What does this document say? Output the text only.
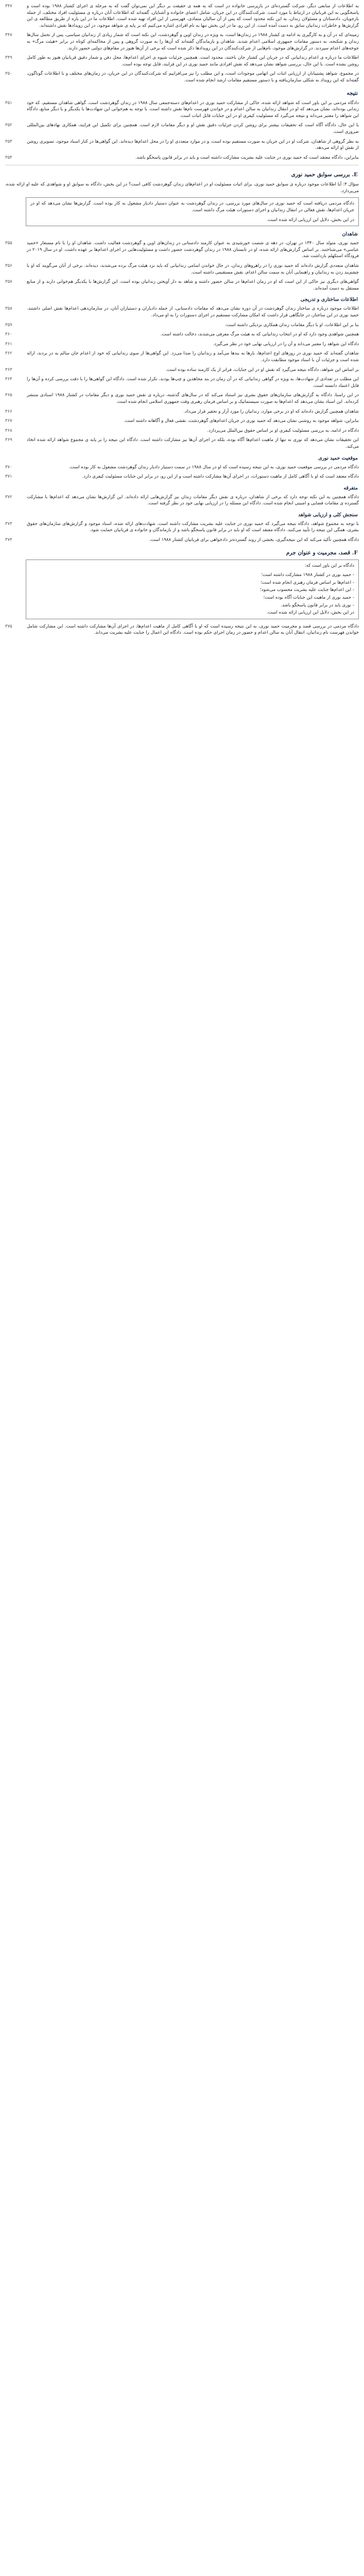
به اطلاعات از منابعی دیگر، شرکت گسترده‌ای در بازپرسی خانواده در است که به همه ی حقیقت بر دیگر این نمی‌توان گفت که به مرحله ی اجرای کشتار ۱۹۸۸ بوده است و پاسخگویی به این قربانیان در ارتباط با مورد است. شرکت‌کنندگان در این جریان، شامل اعضای خانواده و آشنایان، گفته‌اند که اطلاعات آنان درباره ی مسئولیت افراد مختلف، از جمله بازجویان، دادستانان و مسئولان زندان، به این نکته محدود است که پس از آن سالیان متمادی، فهرستی از این افراد تهیه شده است. اطلاعات ما در این باره از طریق مطالعه ی این گزارش‌ها و خاطرات زندانیان سابق به دست آمده است. از این رو، ما در این بخش تنها به نام افرادی اشاره می‌کنیم که بر پایه ی شواهد موجود، در این رویدادها نقش داشته‌اند.
۳۴۷
زمینه‌ای که در آن و به کارگیری به ادامه ی کشتار ۱۹۸۸ در زندان‌ها است، به ویژه در زندان اوین و گوهردشت، این نکته است که شمار زیادی از زندانیان سیاسی، پس از تحمل سال‌ها زندان و شکنجه، به دستور مقامات جمهوری اسلامی اعدام شدند. شاهدان و بازماندگان گفته‌اند که آن‌ها را به صورت گروهی و پس از محاکمه‌ای کوتاه در برابر «هیئت مرگ» به جوخه‌های اعدام سپردند. در گزارش‌های موجود، نام‌هایی از شرکت‌کنندگان در این رویدادها ذکر شده است که برخی از آن‌ها هنوز در مقام‌های دولتی حضور دارند.
۳۴۸
اطلاعات ما درباره ی اعدام زندانیانی که در جریان این کشتار جان باختند، محدود است. همچنین جزئیات شیوه ی اجرای اعدام‌ها، محل دفن و شمار دقیق قربانیان هنوز به طور کامل روشن نشده است. با این حال، بررسی شواهد نشان می‌دهد که نقش افرادی مانند حمید نوری در این فرایند، قابل توجه بوده است.
۳۴۹
در مجموع، شواهد پشتیبانان از ارزیابی اثبات این اتهامی موجودات است، و این مطلب را نیز می‌افزاییم که شرکت‌کنندگان در این جریان، در زمان‌های مختلف و با اطلاعات گوناگون، گفته‌اند که این رویداد به شکلی سازمان‌یافته و با دستور مستقیم مقامات ارشد انجام شده است.
۳۵۰
نتیجه
دادگاه مردمی بر این باور است که شواهد ارائه شده، حاکی از مشارکت حمید نوری در اعدام‌های دسته‌جمعی سال ۱۹۸۸ در زندان گوهردشت است. گواهی شاهدان مستقیم، که خود زندانی بوده‌اند، نشان می‌دهد که او در انتقال زندانیان به سالن اعدام و در خواندن فهرست نام‌ها نقش داشته است. با توجه به هم‌خوانی این شهادت‌ها با یکدیگر و با دیگر منابع، دادگاه این شواهد را معتبر می‌داند و نتیجه می‌گیرد که مسئولیت کیفری او در این جنایات قابل اثبات است.
۳۵۱
با این حال، دادگاه آگاه است که تحقیقات بیشتر برای روشن کردن جزئیات دقیق نقش او و دیگر مقامات لازم است. همچنین برای تکمیل این فرایند، همکاری نهادهای بین‌المللی ضروری است.
۳۵۲
به نظر گروهی از شاهدان، شرکت او در این جریان به صورت مستقیم بوده است، و در موارد متعددی او را در محل اعدام‌ها دیده‌اند. این گواهی‌ها در کنار اسناد موجود، تصویری روشن از نقش او ارائه می‌دهد.
۳۵۳
بنابراین، دادگاه معتقد است که حمید نوری در جنایت علیه بشریت مشارکت داشته است و باید در برابر قانون پاسخگو باشد.
۳۵۴
E. بررسی سوابق حمید نوری
سؤال ۳: آیا اطلاعات موجود درباره ی سوابق حمید نوری، برای اثبات مسئولیت او در اعدام‌های زندان گوهردشت کافی است؟ در این بخش، دادگاه به سوابق او و شواهدی که علیه او ارائه شده، می‌پردازد.

دادگاه مردمی دریافته است که حمید نوری در سال‌های مورد بررسی، در زندان گوهردشت به عنوان دستیار دادیار مشغول به کار بوده است. گزارش‌ها نشان می‌دهد که او در جریان اعدام‌ها، نقش فعالی در انتقال زندانیان و اجرای دستورات هیئت مرگ داشته است.

در این بخش، دلایل این ارزیابی ارائه شده است.

شاهدان
حمید نوری، متولد سال ۱۳۴۰ در تهران، در دهه ی شصت خورشیدی به عنوان کارمند دادستانی در زندان‌های اوین و گوهردشت فعالیت داشت. شاهدان او را با نام مستعار «حمید عباسی» می‌شناختند. بر اساس گزارش‌های ارائه شده، او در تابستان ۱۹۸۸ در زندان گوهردشت حضور داشت و مسئولیت‌هایی در اجرای اعدام‌ها بر عهده داشت. او در سال ۲۰۱۹ در فرودگاه استکهلم بازداشت شد.
۳۵۵
شاهدان متعددی گزارش داده‌اند که حمید نوری را در راهروهای زندان، در حال خواندن اسامی زندانیانی که باید نزد هیئت مرگ برده می‌شدند، دیده‌اند. برخی از آنان می‌گویند که او با چشم‌بند زدن به زندانیان و راهنمایی آنان به سمت سالن اعدام، نقش مستقیمی داشته است.
۳۵۶
گواهی‌های دیگری نیز حاکی از این است که او در زمان اعدام‌ها در سالن حضور داشته و شاهد به دار آویختن زندانیان بوده است. این گزارش‌ها با یکدیگر هم‌خوانی دارند و از منابع مستقل به دست آمده‌اند.
۳۵۷
اطلاعات ساختاری و تدریجی
اطلاعات موجود درباره ی ساختار زندان گوهردشت در آن دوره نشان می‌دهد که مقامات دادستانی، از جمله دادیاران و دستیاران آنان، در سازمان‌دهی اعدام‌ها نقش اصلی داشتند. حمید نوری در این ساختار، در جایگاهی قرار داشت که امکان مشارکت مستقیم در اجرای دستورات را به او می‌داد.
۳۵۸
بنا بر این اطلاعات، او با دیگر مقامات زندان همکاری نزدیکی داشته است.
۳۵۹
همچنین شواهدی وجود دارد که او در انتخاب زندانیانی که به هیئت مرگ معرفی می‌شدند، دخالت داشته است.
۳۶۰
دادگاه این شواهد را معتبر می‌داند و آن را در ارزیابی نهایی خود در نظر می‌گیرد.
۳۶۱
شاهدان گفته‌اند که حمید نوری در روزهای اوج اعدام‌ها، بارها به بندها می‌آمد و زندانیان را صدا می‌زد. این گواهی‌ها از سوی زندانیانی که خود از اعدام جان سالم به در بردند، ارائه شده است و جزئیات آن با اسناد موجود مطابقت دارد.
۳۶۲
بر اساس این شواهد، دادگاه نتیجه می‌گیرد که نقش او در این جنایات، فراتر از یک کارمند ساده بوده است.
۳۶۳
این مطلب در تعدادی از شهادت‌ها، به ویژه در گواهی زندانیانی که در آن زمان در بند مجاهدین و چپ‌ها بودند، تکرار شده است. دادگاه این گواهی‌ها را با دقت بررسی کرده و آن‌ها را قابل اعتماد دانسته است.
۳۶۴
در این راستا، دادگاه به گزارش‌های سازمان‌های حقوق بشری نیز استناد می‌کند که در سال‌های گذشته، درباره ی نقش حمید نوری و دیگر مقامات در کشتار ۱۹۸۸ اسنادی منتشر کرده‌اند. این اسناد نشان می‌دهد که اعدام‌ها به صورت سیستماتیک و بر اساس فرمان رهبری وقت جمهوری اسلامی انجام شده است.
۳۶۵
شاهدان همچنین گزارش داده‌اند که او در برخی موارد، زندانیان را مورد آزار و تحقیر قرار می‌داد.
۳۶۶
بنابراین، شواهد موجود به روشنی نشان می‌دهد که حمید نوری در جریان اعدام‌های گوهردشت، نقشی فعال و آگاهانه داشته است.
۳۶۷
دادگاه در ادامه، به بررسی مسئولیت کیفری او بر اساس حقوق بین‌الملل می‌پردازد.
۳۶۸
این تحقیقات نشان می‌دهد که نوری نه تنها از ماهیت اعدام‌ها آگاه بوده، بلکه در اجرای آن‌ها نیز مشارکت داشته است. دادگاه این نتیجه را بر پایه ی مجموع شواهد ارائه شده اتخاذ می‌کند.
۳۶۹
موقعیت حمید نوری
دادگاه مردمی در بررسی موقعیت حمید نوری، به این نتیجه رسیده است که او در سال ۱۹۸۸ در سمت دستیار دادیار زندان گوهردشت مشغول به کار بوده است.
۳۷۰
دادگاه معتقد است که او با آگاهی کامل از ماهیت دستورات، در اجرای آن‌ها مشارکت داشته است و از این رو، در برابر این جنایات مسئولیت کیفری دارد.
۳۷۱
متفرقه
دادگاه همچنین به این نکته توجه دارد که برخی از شاهدان، درباره ی نقش دیگر مقامات زندان نیز گزارش‌هایی ارائه داده‌اند. این گزارش‌ها نشان می‌دهد که اعدام‌ها با مشارکت گسترده ی مقامات قضایی و امنیتی انجام شده است. دادگاه این مسئله را در ارزیابی نهایی خود در نظر گرفته است.
۳۷۲
سنجش کلی و ارزیابی شواهد
با توجه به مجموع شواهد، دادگاه نتیجه می‌گیرد که حمید نوری در جنایت علیه بشریت مشارکت داشته است. شهادت‌های ارائه شده، اسناد موجود و گزارش‌های سازمان‌های حقوق بشری، همگی این نتیجه را تأیید می‌کنند. دادگاه معتقد است که او باید در برابر قانون پاسخگو باشد و از بازماندگان و خانواده ی قربانیان حمایت شود.
۳۷۳
دادگاه همچنین تأکید می‌کند که این نتیجه‌گیری، بخشی از روند گسترده‌تر دادخواهی برای قربانیان کشتار ۱۹۸۸ است.
۳۷۴
F. قصد، مجرمیت و عنوان جرم

دادگاه بر این باور است که:

- حمید نوری در کشتار ۱۹۸۸ مشارکت داشته است؛
- اعدام‌ها بر اساس فرمان رهبری انجام شده است؛
- این اعدام‌ها جنایت علیه بشریت محسوب می‌شود؛
- حمید نوری از ماهیت این جنایات آگاه بوده است؛
- نوری باید در برابر قانون پاسخگو باشد.

در این بخش، دلایل این ارزیابی ارائه شده است.

دادگاه مردمی در بررسی قصد و مجرمیت حمید نوری، به این نتیجه رسیده است که او با آگاهی کامل از ماهیت اعدام‌ها، در اجرای آن‌ها مشارکت داشته است. این مشارکت شامل خواندن فهرست نام زندانیان، انتقال آنان به سالن اعدام و حضور در زمان اجرای حکم بوده است. دادگاه این اعمال را جنایت علیه بشریت می‌داند.
۳۷۵
